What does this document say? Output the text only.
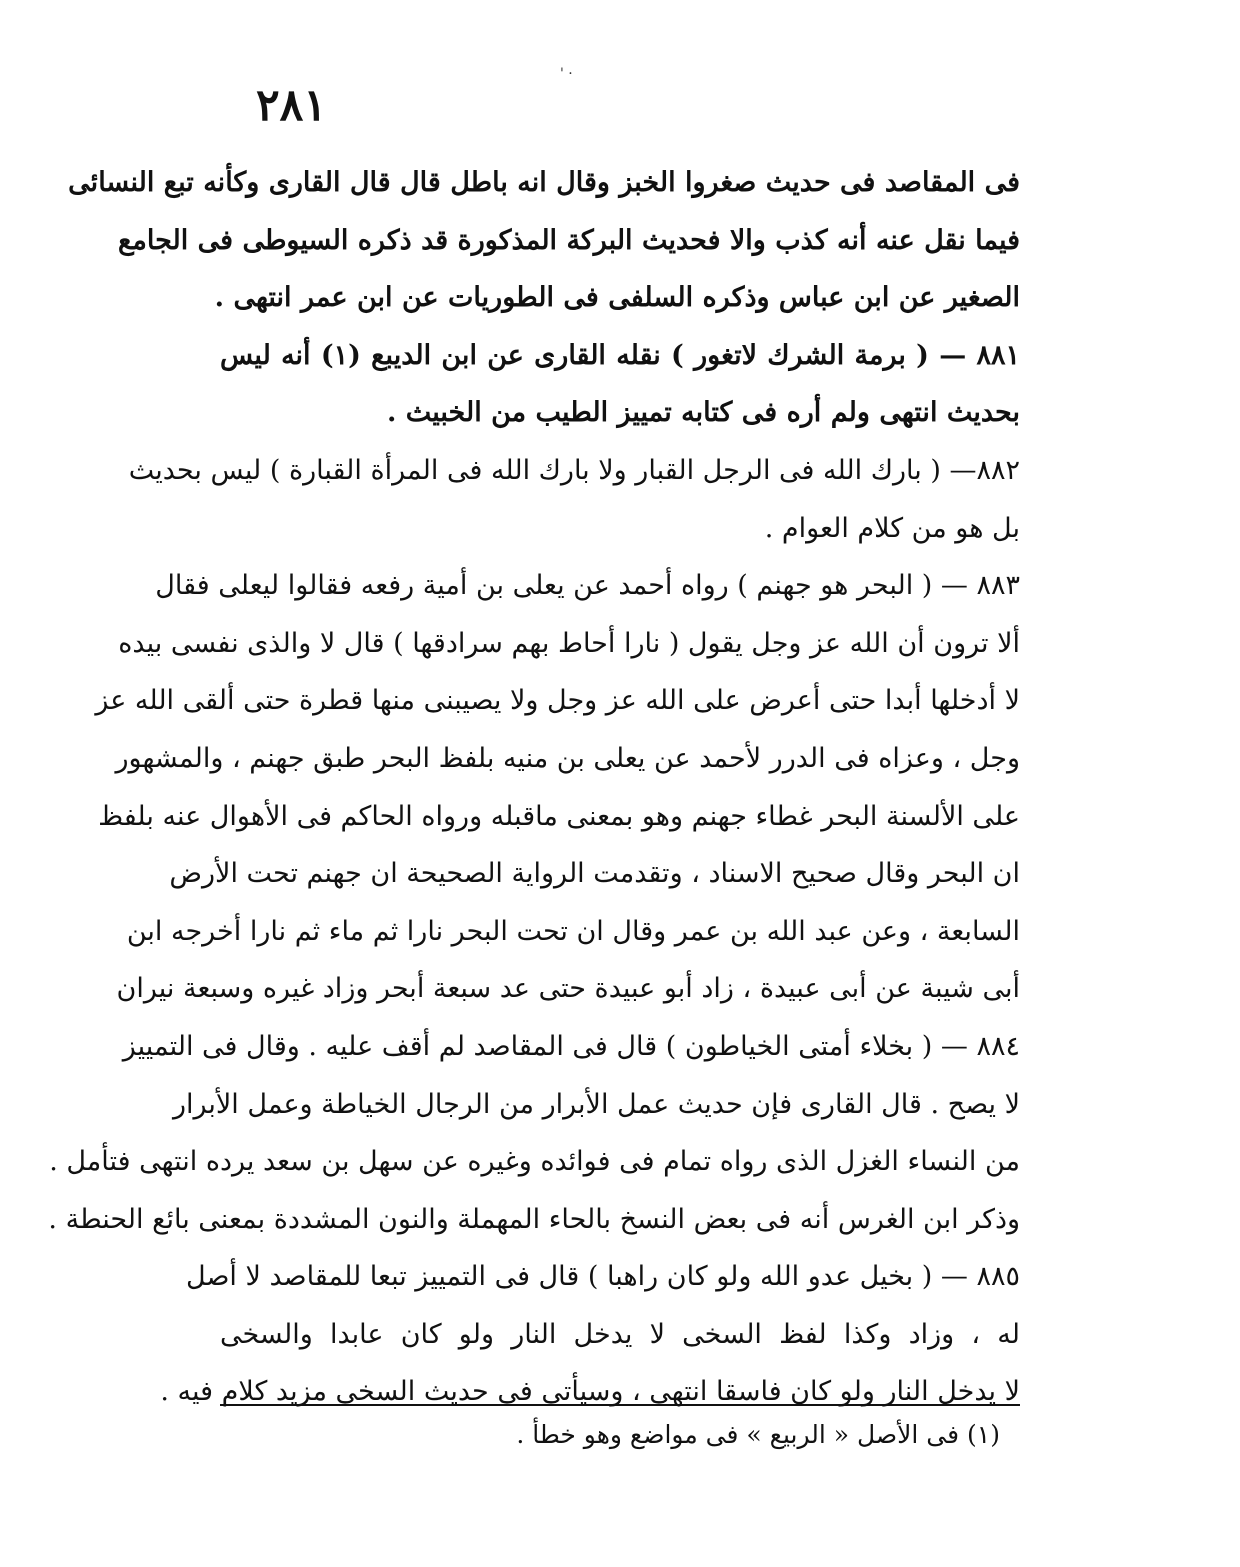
' ·
٢٨١
فى المقاصد فى حديث صغروا الخبز وقال انه باطل قال قال القارى وكأنه تبع النسائى
فيما نقل عنه أنه كذب والا فحديث البركة المذكورة قد ذكره السيوطى فى الجامع
الصغير عن ابن عباس وذكره السلفى فى الطوريات عن ابن عمر انتهى .
٨٨١ — ( برمة الشرك لاتغور ) نقله القارى عن ابن الديبع (١) أنه ليس
بحديث انتهى ولم أره فى كتابه تمييز الطيب من الخبيث .
٨٨٢— ( بارك الله فى الرجل القبار ولا بارك الله فى المرأة القبارة ) ليس بحديث
بل هو من كلام العوام .
٨٨٣ — ( البحر هو جهنم ) رواه أحمد عن يعلى بن أمية رفعه فقالوا ليعلى فقال
ألا ترون أن الله عز وجل يقول ( نارا أحاط بهم سرادقها ) قال لا والذى نفسى بيده
لا أدخلها أبدا حتى أعرض على الله عز وجل ولا يصيبنى منها قطرة حتى ألقى الله عز
وجل ، وعزاه فى الدرر لأحمد عن يعلى بن منيه بلفظ البحر طبق جهنم ، والمشهور
على الألسنة البحر غطاء جهنم وهو بمعنى ماقبله ورواه الحاكم فى الأهوال عنه بلفظ
ان البحر وقال صحيح الاسناد ، وتقدمت الرواية الصحيحة ان جهنم تحت الأرض
السابعة ، وعن عبد الله بن عمر وقال ان تحت البحر نارا ثم ماء ثم نارا أخرجه ابن
أبى شيبة عن أبى عبيدة ، زاد أبو عبيدة حتى عد سبعة أبحر وزاد غيره وسبعة نيران
٨٨٤ — ( بخلاء أمتى الخياطون ) قال فى المقاصد لم أقف عليه . وقال فى التمييز
لا يصح . قال القارى فإن حديث عمل الأبرار من الرجال الخياطة وعمل الأبرار
من النساء الغزل الذى رواه تمام فى فوائده وغيره عن سهل بن سعد يرده انتهى فتأمل .
وذكر ابن الغرس أنه فى بعض النسخ بالحاء المهملة والنون المشددة بمعنى بائع الحنطة .
٨٨٥ — ( بخيل عدو الله ولو كان راهبا ) قال فى التمييز تبعا للمقاصد لا أصل
له ، وزاد وكذا لفظ السخى لا يدخل النار ولو كان عابدا والسخى
لا يدخل النار ولو كان فاسقا انتهى ، وسيأتى فى حديث السخى مزيد كلام فيه .
(١) فى الأصل « الربيع » فى مواضع وهو خطأ .
